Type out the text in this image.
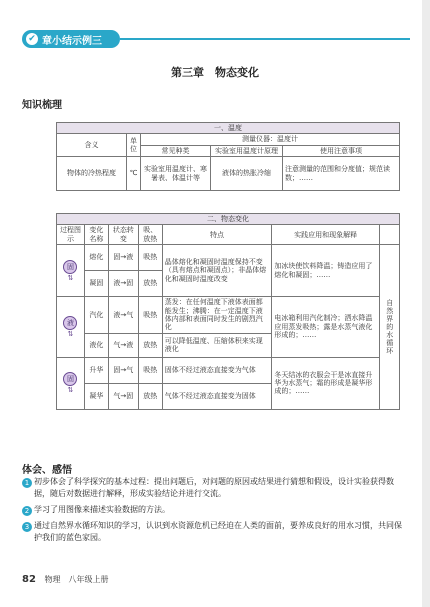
✔ 章小结示例三
第三章　物态变化
知识梳理
一、温度				
含义	单位	测量仪器：温度计		
		常见种类	实验室用温度计原理	使用注意事项
物体的冷热程度	℃	实验室用温度计、寒暑表、体温计等	液体的热胀冷缩	注意测量的范围和分度值；规范读数；……
二、物态变化						
过程图示	变化名称	状态转变	吸、放热	特点	实践应用和现象解释	
固
⇅	熔化	固→液	吸热	晶体熔化和凝固时温度保持不变（具有熔点和凝固点）；非晶体熔化和凝固时温度改变	加冰块使饮料降温；铸造应用了熔化和凝固；……	自然界的水循环
	凝固	液→固	放热			
液
⇅	汽化	液→气	吸热	蒸发：在任何温度下液体表面都能发生；沸腾：在一定温度下液体内部和表面同时发生的剧烈汽化	电冰箱利用汽化制冷；洒水降温应用蒸发吸热；露是水蒸气液化形成的；……	
	液化	气→液	放热	可以降低温度、压缩体积来实现液化		
固
⇅	升华	固→气	吸热	固体不经过液态直接变为气体	冬天结冰的衣服会干是冰直接升华为水蒸气；霜的形成是凝华形成的；……	
	凝华	气→固	放热	气体不经过液态直接变为固体		
体会、感悟
1 初步体会了科学探究的基本过程：提出问题后，对问题的原因或结果进行猜想和假设，设计实验获得数据，随后对数据进行解释，形成实验结论并进行交流。
2 学习了用图像来描述实验数据的方法。
3 通过自然界水循环知识的学习，认识到水资源危机已经迫在人类的面前，要养成良好的用水习惯，共同保护我们的蓝色家园。
82 物理　八年级上册
